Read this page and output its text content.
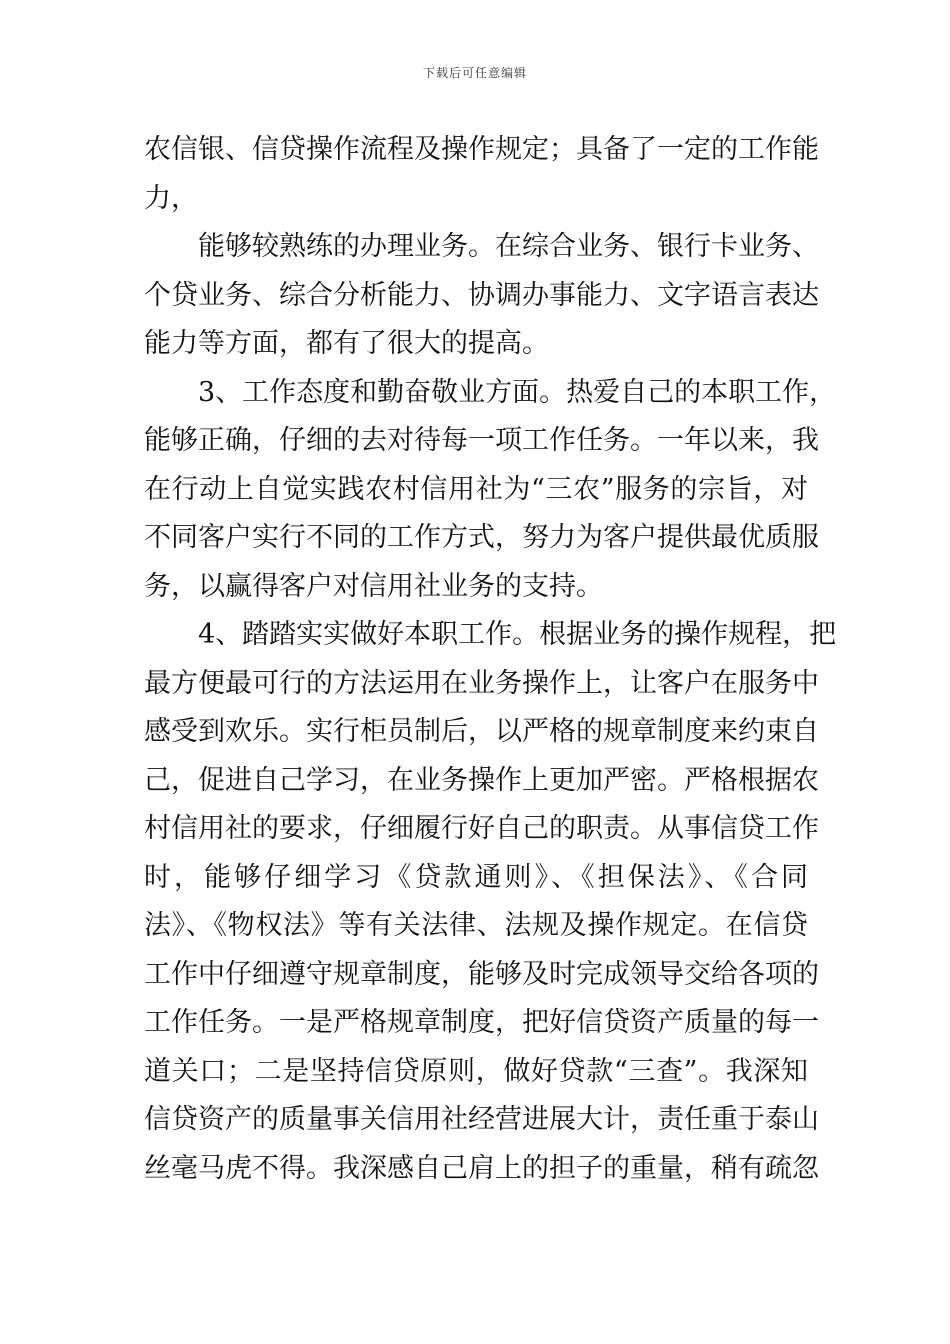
下载后可任意编辑
农信银、信贷操作流程及操作规定；具备了一定的工作能
力，
能够较熟练的办理业务。在综合业务、银行卡业务、
个贷业务、综合分析能力、协调办事能力、文字语言表达
能力等方面，都有了很大的提高。
3、工作态度和勤奋敬业方面。热爱自己的本职工作，
能够正确，仔细的去对待每一项工作任务。一年以来，我
在行动上自觉实践农村信用社为“三农”服务的宗旨，对
不同客户实行不同的工作方式，努力为客户提供最优质服
务，以赢得客户对信用社业务的支持。
4、踏踏实实做好本职工作。根据业务的操作规程，把
最方便最可行的方法运用在业务操作上，让客户在服务中
感受到欢乐。实行柜员制后，以严格的规章制度来约束自
己，促进自己学习，在业务操作上更加严密。严格根据农
村信用社的要求，仔细履行好自己的职责。从事信贷工作
时，能够仔细学习《贷款通则》、《担保法》、《合同
法》、《物权法》等有关法律、法规及操作规定。在信贷
工作中仔细遵守规章制度，能够及时完成领导交给各项的
工作任务。一是严格规章制度，把好信贷资产质量的每一
道关口；二是坚持信贷原则，做好贷款“三查”。我深知
信贷资产的质量事关信用社经营进展大计，责任重于泰山
丝毫马虎不得。我深感自己肩上的担子的重量，稍有疏忽
